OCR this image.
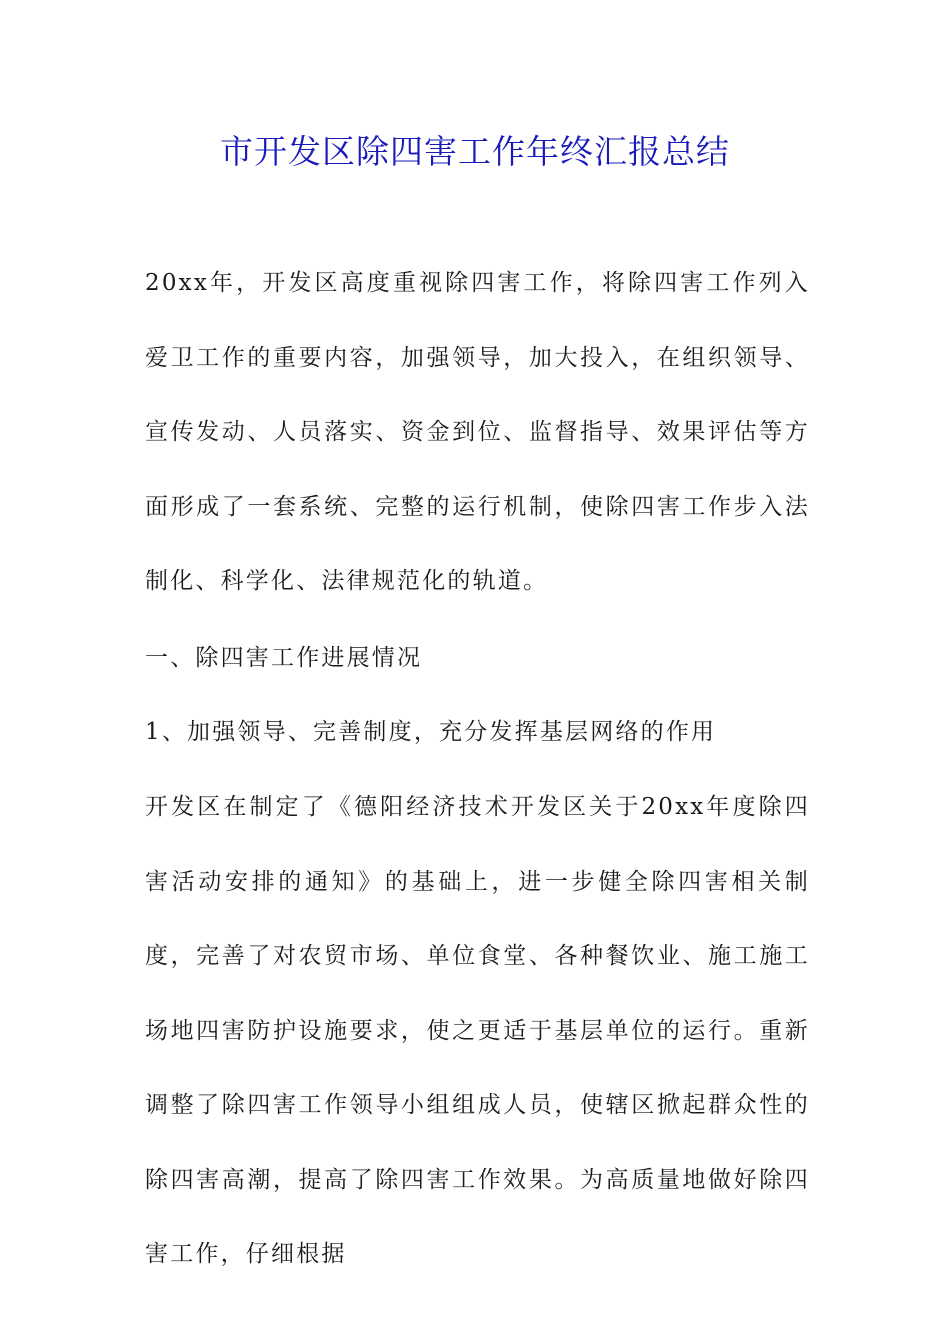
市开发区除四害工作年终汇报总结

20xx年，开发区高度重视除四害工作，将除四害工作列入爱卫工作的重要内容，加强领导，加大投入，在组织领导、宣传发动、人员落实、资金到位、监督指导、效果评估等方面形成了一套系统、完整的运行机制，使除四害工作步入法制化、科学化、法律规范化的轨道。

一、除四害工作进展情况

1、加强领导、完善制度，充分发挥基层网络的作用

开发区在制定了《德阳经济技术开发区关于20xx年度除四害活动安排的通知》的基础上，进一步健全除四害相关制度，完善了对农贸市场、单位食堂、各种餐饮业、施工施工场地四害防护设施要求，使之更适于基层单位的运行。重新调整了除四害工作领导小组组成人员，使辖区掀起群众性的除四害高潮，提高了除四害工作效果。为高质量地做好除四害工作，仔细根据
